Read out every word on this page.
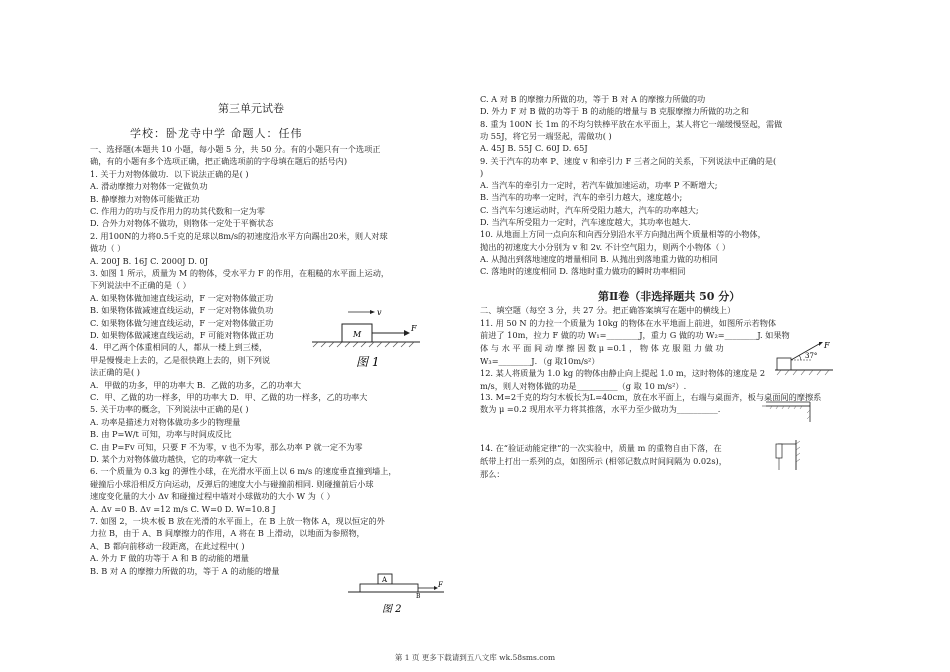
第三单元试卷
学校：卧龙寺中学 命题人：任伟
一、选择题(本题共 10 小题，每小题 5 分，共 50 分。有的小题只有一个选项正
确，有的小题有多个选项正确，把正确选项前的字母填在题后的括号内)
1. 关于力对物体做功．以下说法正确的是( )
A. 滑动摩擦力对物体一定做负功
B. 静摩擦力对物体可能做正功
C. 作用力的功与反作用力的功其代数和一定为零
D. 合外力对物体不做功，则物体一定处于平衡状态
2. 用100N的力将0.5千克的足球以8m/s的初速度沿水平方向踢出20米，则人对球
做功（ ）
A. 200J B. 16J C. 2000J D. 0J
3. 如图 1 所示，质量为 M 的物体，受水平力 F 的作用，在粗糙的水平面上运动，
下列说法中不正确的是（ ）
A. 如果物体做加速直线运动，F 一定对物体做正功
B. 如果物体做减速直线运动，F 一定对物体做负功
C. 如果物体做匀速直线运动，F 一定对物体做正功
D. 如果物体做减速直线运动，F 可能对物体做正功
4．甲乙两个体重相同的人，都从一楼上到三楼，
甲是慢慢走上去的，乙是很快跑上去的，则下列说
法正确的是( )
A．甲做的功多，甲的功率大 B．乙做的功多，乙的功率大
C．甲、乙做的功一样多，甲的功率大 D．甲、乙做的功一样多，乙的功率大
5. 关于功率的概念，下列说法中正确的是( )
A. 功率是描述力对物体做功多少的物理量
B. 由 P=W/t 可知，功率与时间成反比
C. 由 P=Fv 可知，只要 F 不为零，v 也不为零，那么功率 P 就一定不为零
D. 某个力对物体做功越快，它的功率就一定大
6. 一个质量为 0.3 kg 的弹性小球，在光滑水平面上以 6 m/s 的速度垂直撞到墙上，
碰撞后小球沿相反方向运动，反弹后的速度大小与碰撞前相同. 则碰撞前后小球
速度变化量的大小 Δv 和碰撞过程中墙对小球做功的大小 W 为（ ）
A. Δv =0 B. Δv =12 m/s C. W=0 D. W=10.8 J
7. 如图 2，一块木板 B 放在光滑的水平面上，在 B 上放一物体 A，现以恒定的外
力拉 B，由于 A、B 间摩擦力的作用，A 将在 B 上滑动，以地面为参照物，
A、B 都向前移动一段距离，在此过程中( )
A. 外力 F 做的功等于 A 和 B 的动能的增量
B. B 对 A 的摩擦力所做的功，等于 A 的动能的增量
第Ⅱ卷（非选择题共 50 分）
C. A 对 B 的摩擦力所做的功，等于 B 对 A 的摩擦力所做的功
D. 外力 F 对 B 做的功等于 B 的动能的增量与 B 克服摩擦力所做的功之和
8. 重为 100N 长 1m 的不均匀铁棒平放在水平面上，某人将它一端缓慢竖起，需做
功 55J，将它另一端竖起，需做功( )
A. 45J B. 55J C. 60J D. 65J
9. 关于汽车的功率 P、速度 v 和牵引力 F 三者之间的关系，下列说法中正确的是(
)
A. 当汽车的牵引力一定时，若汽车做加速运动，功率 P 不断增大;
B. 当汽车的功率一定时，汽车的牵引力越大，速度越小;
C. 当汽车匀速运动时，汽车所受阻力越大，汽车的功率越大;
D. 当汽车所受阻力一定时，汽车速度越大，其功率也越大.
10. 从地面上方同一点向东和向西分别沿水平方向抛出两个质量相等的小物体，
抛出的初速度大小分别为 v 和 2v. 不计空气阻力，则两个小物体（ ）
A. 从抛出到落地速度的增量相同 B. 从抛出到落地重力做的功相同
C. 落地时的速度相同 D. 落地时重力做功的瞬时功率相同
二、填空题（每空 3 分，共 27 分。把正确答案填写在题中的横线上）
11. 用 50 N 的力拉一个质量为 10kg 的物体在水平地面上前进，如图所示若物体
前进了 10m，拉力 F 做的功 W₁=________J，重力 G 做的功 W₂=________J. 如果物
体 与 水 平 面 间 动 摩 擦 因 数 μ =0.1 ， 物 体 克 服 阻 力 做 功
W₃=________J．（g 取10m/s²）
12. 某人将质量为 1.0 kg 的物体由静止向上提起 1.0 m，这时物体的速度是 2
m/s，则人对物体做的功是__________（g 取 10 m/s²）.
13. M=2千克的均匀木板长为L=40cm，放在水平面上，右端与桌面齐，板与桌面间的摩擦系
数为 μ =0.2 现用水平力将其推落，水平力至少做功为__________.
14. 在“验证动能定律”的一次实验中，质量 m 的重物自由下落，在
纸带上打出一系列的点，如图所示 (相邻记数点时间间隔为 0.02s)，
那么：
M
F
v
图 1
A
B
F
图 2
F
37°
第 1 页 更多下载请到五八文库 wk.58sms.com
